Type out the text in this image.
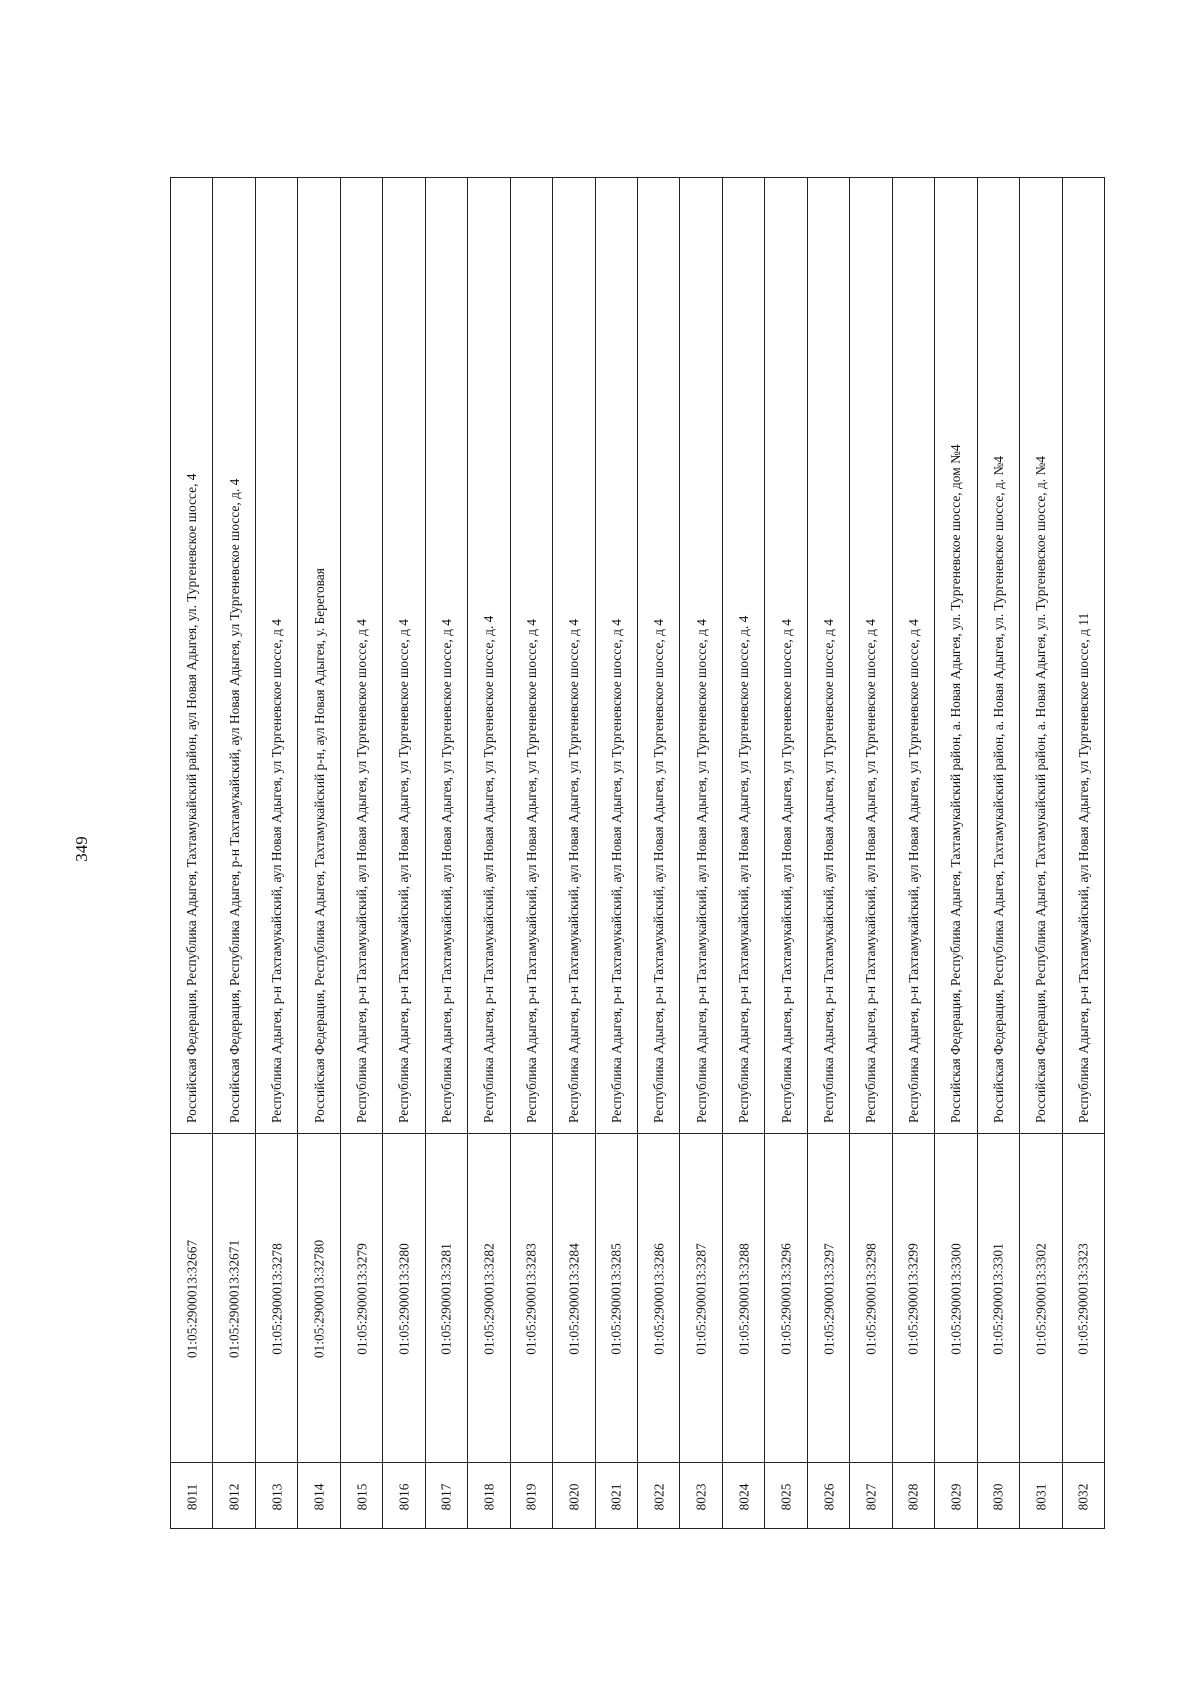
349
8011
01:05:2900013:32667
Российская Федерация, Республика Адыгея, Тахтамукайский район, аул Новая Адыгея, ул. Тургеневское шоссе, 4
8012
01:05:2900013:32671
Российская Федерация, Республика Адыгея, р-н Тахтамукайский, аул Новая Адыгея, ул Тургеневское шоссе, д. 4
8013
01:05:2900013:3278
Республика Адыгея, р-н Тахтамукайский, аул Новая Адыгея, ул Тургеневское шоссе, д 4
8014
01:05:2900013:32780
Российская Федерация, Республика Адыгея, Тахтамукайский р-н, аул Новая Адыгея, у. Береговая
8015
01:05:2900013:3279
Республика Адыгея, р-н Тахтамукайский, аул Новая Адыгея, ул Тургеневское шоссе, д 4
8016
01:05:2900013:3280
Республика Адыгея, р-н Тахтамукайский, аул Новая Адыгея, ул Тургеневское шоссе, д 4
8017
01:05:2900013:3281
Республика Адыгея, р-н Тахтамукайский, аул Новая Адыгея, ул Тургеневское шоссе, д 4
8018
01:05:2900013:3282
Республика Адыгея, р-н Тахтамукайский, аул Новая Адыгея, ул Тургеневское шоссе, д. 4
8019
01:05:2900013:3283
Республика Адыгея, р-н Тахтамукайский, аул Новая Адыгея, ул Тургеневское шоссе, д 4
8020
01:05:2900013:3284
Республика Адыгея, р-н Тахтамукайский, аул Новая Адыгея, ул Тургеневское шоссе, д 4
8021
01:05:2900013:3285
Республика Адыгея, р-н Тахтамукайский, аул Новая Адыгея, ул Тургеневское шоссе, д 4
8022
01:05:2900013:3286
Республика Адыгея, р-н Тахтамукайский, аул Новая Адыгея, ул Тургеневское шоссе, д 4
8023
01:05:2900013:3287
Республика Адыгея, р-н Тахтамукайский, аул Новая Адыгея, ул Тургеневское шоссе, д 4
8024
01:05:2900013:3288
Республика Адыгея, р-н Тахтамукайский, аул Новая Адыгея, ул Тургеневское шоссе, д. 4
8025
01:05:2900013:3296
Республика Адыгея, р-н Тахтамукайский, аул Новая Адыгея, ул Тургеневское шоссе, д 4
8026
01:05:2900013:3297
Республика Адыгея, р-н Тахтамукайский, аул Новая Адыгея, ул Тургеневское шоссе, д 4
8027
01:05:2900013:3298
Республика Адыгея, р-н Тахтамукайский, аул Новая Адыгея, ул Тургеневское шоссе, д 4
8028
01:05:2900013:3299
Республика Адыгея, р-н Тахтамукайский, аул Новая Адыгея, ул Тургеневское шоссе, д 4
8029
01:05:2900013:3300
Российская Федерация, Республика Адыгея, Тахтамукайский район, а. Новая Адыгея, ул. Тургеневское шоссе, дом №4
8030
01:05:2900013:3301
Российская Федерация, Республика Адыгея, Тахтамукайский район, а. Новая Адыгея, ул. Тургеневское шоссе, д. №4
8031
01:05:2900013:3302
Российская Федерация, Республика Адыгея, Тахтамукайский район, а. Новая Адыгея, ул. Тургеневское шоссе, д. №4
8032
01:05:2900013:3323
Республика Адыгея, р-н Тахтамукайский, аул Новая Адыгея, ул Тургеневское шоссе, д 11
